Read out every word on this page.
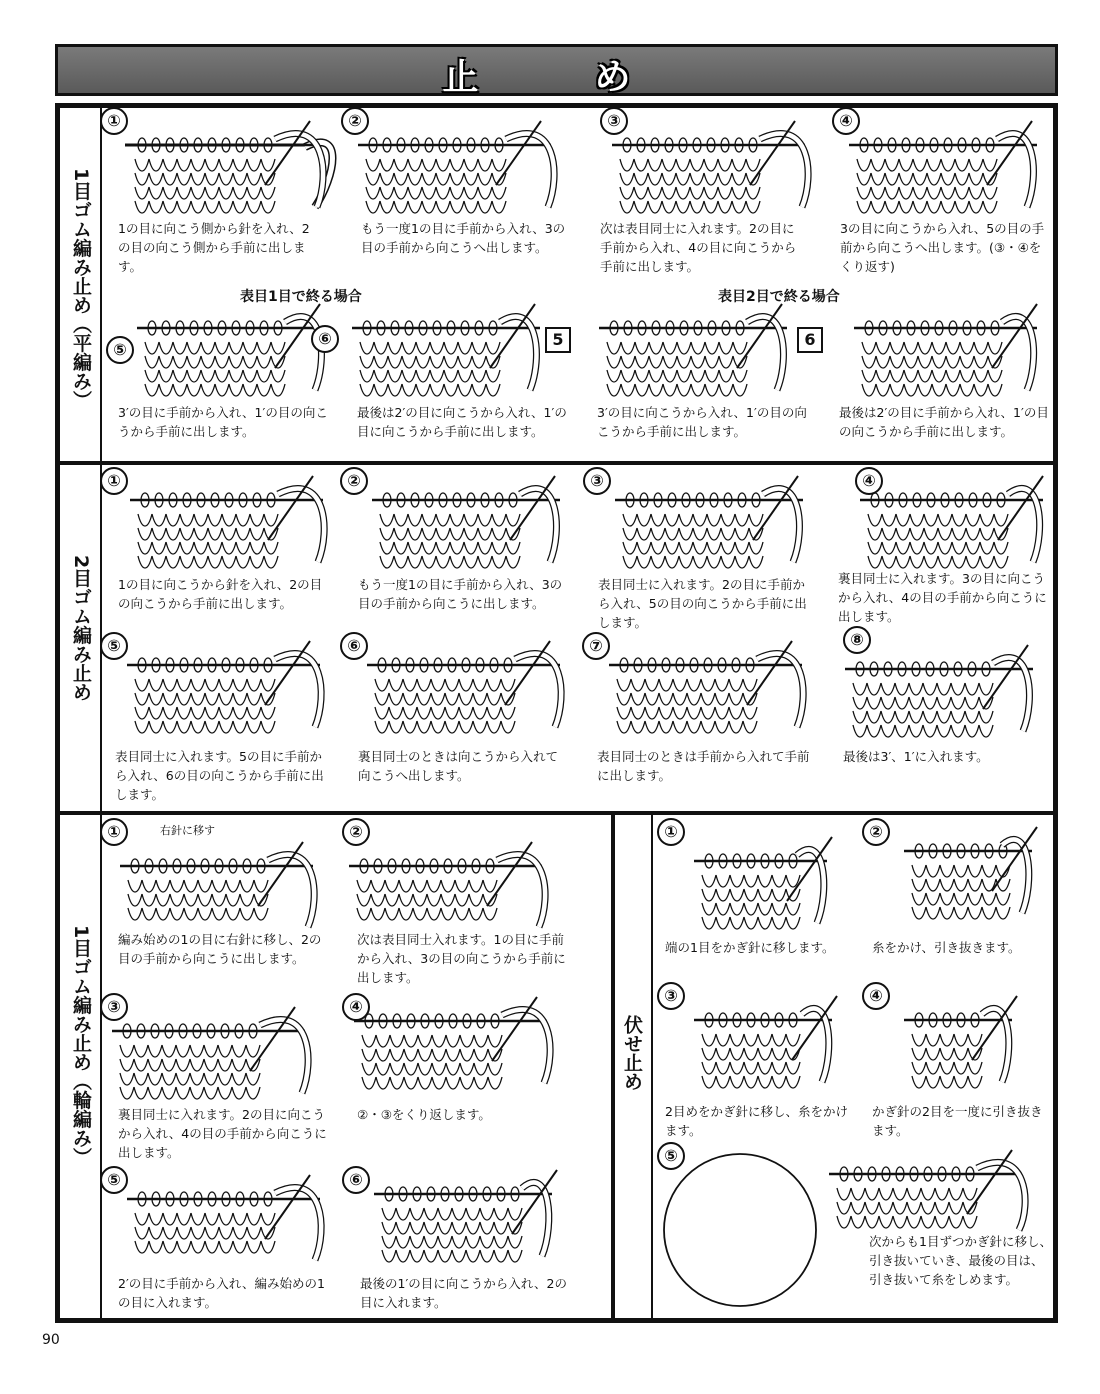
止　め
1目ゴム編み止め（平編み）
2目ゴム編み止め
1目ゴム編み止め（輪編み）	伏せ止め
①
1の目に向こう側から針を入れ、2の目の向こう側から手前に出します。
②
もう一度1の目に手前から入れ、3の目の手前から向こうへ出します。
③
次は表目同士に入れます。2の目に手前から入れ、4の目に向こうから手前に出します。
④
3の目に向こうから入れ、5の目の手前から向こうへ出します。(③・④をくり返す)
表目1目で終る場合	表目2目で終る場合
⑤
3′の目に手前から入れ、1′の目の向こうから手前に出します。
⑥
最後は2′の目に向こうから入れ、1′の目に向こうから手前に出します。
5
3′の目に向こうから入れ、1′の目の向こうから手前に出します。
6
最後は2′の目に手前から入れ、1′の目の向こうから手前に出します。
①
1の目に向こうから針を入れ、2の目の向こうから手前に出します。
②
もう一度1の目に手前から入れ、3の目の手前から向こうに出します。
③
表目同士に入れます。2の目に手前から入れ、5の目の向こうから手前に出します。
④
裏目同士に入れます。3の目に向こうから入れ、4の目の手前から向こうに出します。
⑤
表目同士に入れます。5の目に手前から入れ、6の目の向こうから手前に出します。
⑥
裏目同士のときは向こうから入れて向こうへ出します。
⑦
表目同士のときは手前から入れて手前に出します。
⑧
最後は3′、1′に入れます。
①	右針に移す
編み始めの1の目に右針に移し、2の目の手前から向こうに出します。
②
次は表目同士入れます。1の目に手前から入れ、3の目の向こうから手前に出します。
③
裏目同士に入れます。2の目に向こうから入れ、4の目の手前から向こうに出します。
④
②・③をくり返します。
⑤
2′の目に手前から入れ、編み始めの1の目に入れます。
⑥
最後の1′の目に向こうから入れ、2の目に入れます。
①
端の1目をかぎ針に移します。
②
糸をかけ、引き抜きます。
③
2目めをかぎ針に移し、糸をかけます。
④
かぎ針の2目を一度に引き抜きます。
⑤
次からも1目ずつかぎ針に移し、引き抜いていき、最後の目は、引き抜いて糸をしめます。
90
